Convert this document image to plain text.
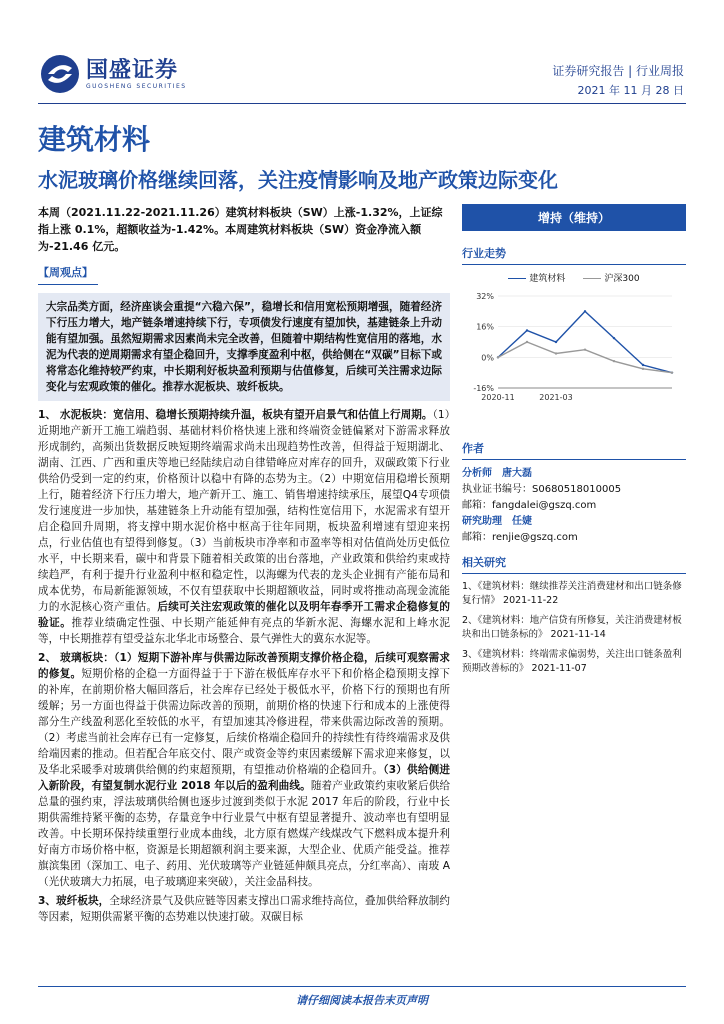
国盛证券
GUOSHENG SECURITIES
证券研究报告 | 行业周报
2021 年 11 月 28 日
建筑材料
水泥玻璃价格继续回落，关注疫情影响及地产政策边际变化
本周（2021.11.22-2021.11.26）建筑材料板块（SW）上涨-1.32%，上证综指上涨 0.1%，超额收益为-1.42%。本周建筑材料板块（SW）资金净流入额为-21.46 亿元。
【周观点】
大宗品类方面，经济座谈会重提“六稳六保”，稳增长和信用宽松预期增强，随着经济下行压力增大，地产链条增速持续下行，专项债发行速度有望加快，基建链条上升动能有望加强。虽然短期需求因素尚未完全改善，但随着中期结构性宽信用的落地，水泥为代表的逆周期需求有望企稳回升，支撑季度盈利中枢，供给侧在“双碳”目标下或将常态化维持较严约束，中长期利好板块盈利预期与估值修复，后续可关注需求边际变化与宏观政策的催化。推荐水泥板块、玻纤板块。
1、 水泥板块：宽信用、稳增长预期持续升温，板块有望开启景气和估值上行周期。（1）近期地产新开工施工端趋弱、基础材料价格快速上涨和终端资金链偏紧对下游需求释放形成制约，高频出货数据反映短期终端需求尚未出现趋势性改善，但得益于短期湖北、湖南、江西、广西和重庆等地已经陆续启动自律错峰应对库存的回升，双碳政策下行业供给仍受到一定的约束，价格预计以稳中有降的态势为主。（2）中期宽信用稳增长预期上行，随着经济下行压力增大，地产新开工、施工、销售增速持续承压，展望Q4专项债发行速度进一步加快，基建链条上升动能有望加强，结构性宽信用下，水泥需求有望开启企稳回升周期，将支撑中期水泥价格中枢高于往年同期，板块盈利增速有望迎来拐点，行业估值也有望得到修复。（3）当前板块市净率和市盈率等相对估值尚处历史低位水平，中长期来看，碳中和背景下随着相关政策的出台落地，产业政策和供给约束或持续趋严，有利于提升行业盈利中枢和稳定性，以海螺为代表的龙头企业拥有产能布局和成本优势，布局新能源领域，不仅有望获取中长期超额收益，同时或将推动高现金流能力的水泥核心资产重估。后续可关注宏观政策的催化以及明年春季开工需求企稳修复的验证。推荐业绩确定性强、中长期产能延伸有亮点的华新水泥、海螺水泥和上峰水泥等，中长期推荐有望受益东北华北市场整合、景气弹性大的冀东水泥等。
2、 玻璃板块：（1）短期下游补库与供需边际改善预期支撑价格企稳，后续可观察需求的修复。短期价格的企稳一方面得益于于下游在极低库存水平下和价格企稳预期支撑下的补库，在前期价格大幅回落后，社会库存已经处于极低水平，价格下行的预期也有所缓解；另一方面也得益于供需边际改善的预期，前期价格的快速下行和成本的上涨使得部分生产线盈利恶化至较低的水平，有望加速其冷修进程，带来供需边际改善的预期。（2）考虑当前社会库存已有一定修复，后续价格端企稳回升的持续性有待终端需求及供给端因素的推动。但若配合年底交付、限产或资金等约束因素缓解下需求迎来修复，以及华北采暖季对玻璃供给侧的约束超预期，有望推动价格端的企稳回升。（3）供给侧进入新阶段，有望复制水泥行业 2018 年以后的盈利曲线。随着产业政策约束收紧后供给总量的强约束，浮法玻璃供给侧也逐步过渡到类似于水泥 2017 年后的阶段，行业中长期供需维持紧平衡的态势，存量竞争中行业景气中枢有望显著提升、波动率也有望明显改善。中长期环保持续重塑行业成本曲线，北方原有燃煤产线煤改气下燃料成本提升利好南方市场价格中枢，资源是长期超额利润主要来源，大型企业、优质产能受益。推荐旗滨集团（深加工、电子、药用、光伏玻璃等产业链延伸颇具亮点，分红率高）、南玻 A（光伏玻璃大力拓展，电子玻璃迎来突破），关注金晶科技。
3、玻纤板块，全球经济景气及供应链等因素支撑出口需求维持高位，叠加供给释放制约等因素，短期供需紧平衡的态势难以快速打破。双碳目标
增持（维持）
行业走势
建筑材料	沪深300
32%
16%
0%
-16%
2020-11	2021-03
作者
分析师　 唐大磊
执业证书编号：S0680518010005
邮箱：fangdalei@gszq.com
研究助理　 任婕
邮箱：renjie@gszq.com
相关研究
1、《建筑材料：继续推荐关注消费建材和出口链条修复行情》 2021-11-22
2、《建筑材料：地产信贷有所修复，关注消费建材板块和出口链条标的》 2021-11-14
3、《建筑材料：终端需求偏弱势，关注出口链条盈利预期改善标的》 2021-11-07
请仔细阅读本报告末页声明
